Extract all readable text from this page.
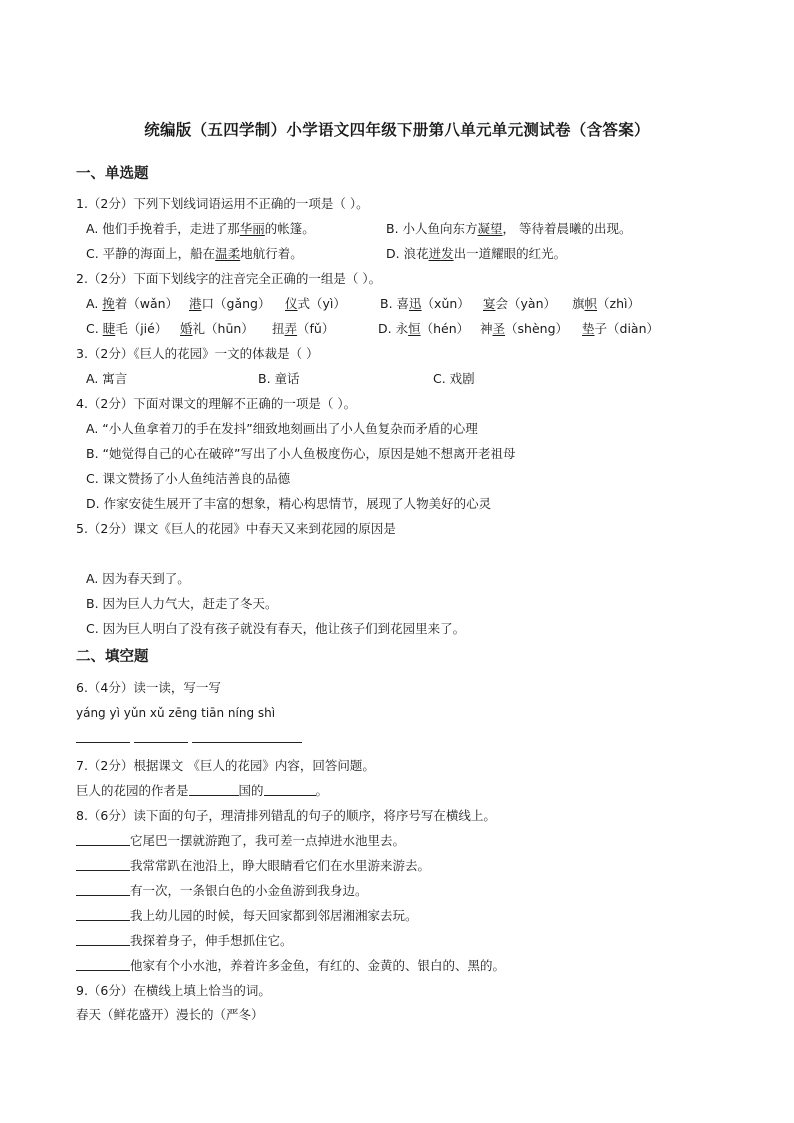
统编版（五四学制）小学语文四年级下册第八单元单元测试卷（含答案）
一、单选题
1.（2分）下列下划线词语运用不正确的一项是（ ）。
A. 他们手挽着手，走进了那华丽的帐篷。	B. 小人鱼向东方凝望， 等待着晨曦的出现。
C. 平静的海面上，船在温柔地航行着。	D. 浪花迸发出一道耀眼的红光。
2.（2分）下面下划线字的注音完全正确的一组是（ ）。
A. 挽着（wǎn） 港口（gǎng） 仪式（yì）	B. 喜迅（xǔn） 宴会（yàn） 旗帜（zhì）
C. 睫毛（jié） 婚礼（hūn） 扭弄（fǔ）	D. 永恒（hén） 神圣（shèng） 垫子（diàn）
3.（2分）《巨人的花园》一文的体裁是（ ）
A. 寓言	B. 童话	C. 戏剧
4.（2分）下面对课文的理解不正确的一项是（ ）。
A. “小人鱼拿着刀的手在发抖”细致地刻画出了小人鱼复杂而矛盾的心理
B. “她觉得自己的心在破碎”写出了小人鱼极度伤心，原因是她不想离开老祖母
C. 课文赞扬了小人鱼纯洁善良的品德
D. 作家安徒生展开了丰富的想象，精心构思情节，展现了人物美好的心灵
5.（2分）课文《巨人的花园》中春天又来到花园的原因是
A. 因为春天到了。
B. 因为巨人力气大，赶走了冬天。
C. 因为巨人明白了没有孩子就没有春天，他让孩子们到花园里来了。
二、填空题
6.（4分）读一读，写一写
yáng yì yǔn xǔ zēng tiān níng shì
7.（2分）根据课文 《巨人的花园》内容，回答问题。
巨人的花园的作者是	国的	。
8.（6分）读下面的句子，理清排列错乱的句子的顺序，将序号写在横线上。
它尾巴一摆就游跑了，我可差一点掉进水池里去。
我常常趴在池沿上，睁大眼睛看它们在水里游来游去。
有一次，一条银白色的小金鱼游到我身边。
我上幼儿园的时候，每天回家都到邻居湘湘家去玩。
我探着身子，伸手想抓住它。
他家有个小水池，养着许多金鱼，有红的、金黄的、银白的、黑的。
9.（6分）在横线上填上恰当的词。
春天（鲜花盛开）漫长的（严冬）
